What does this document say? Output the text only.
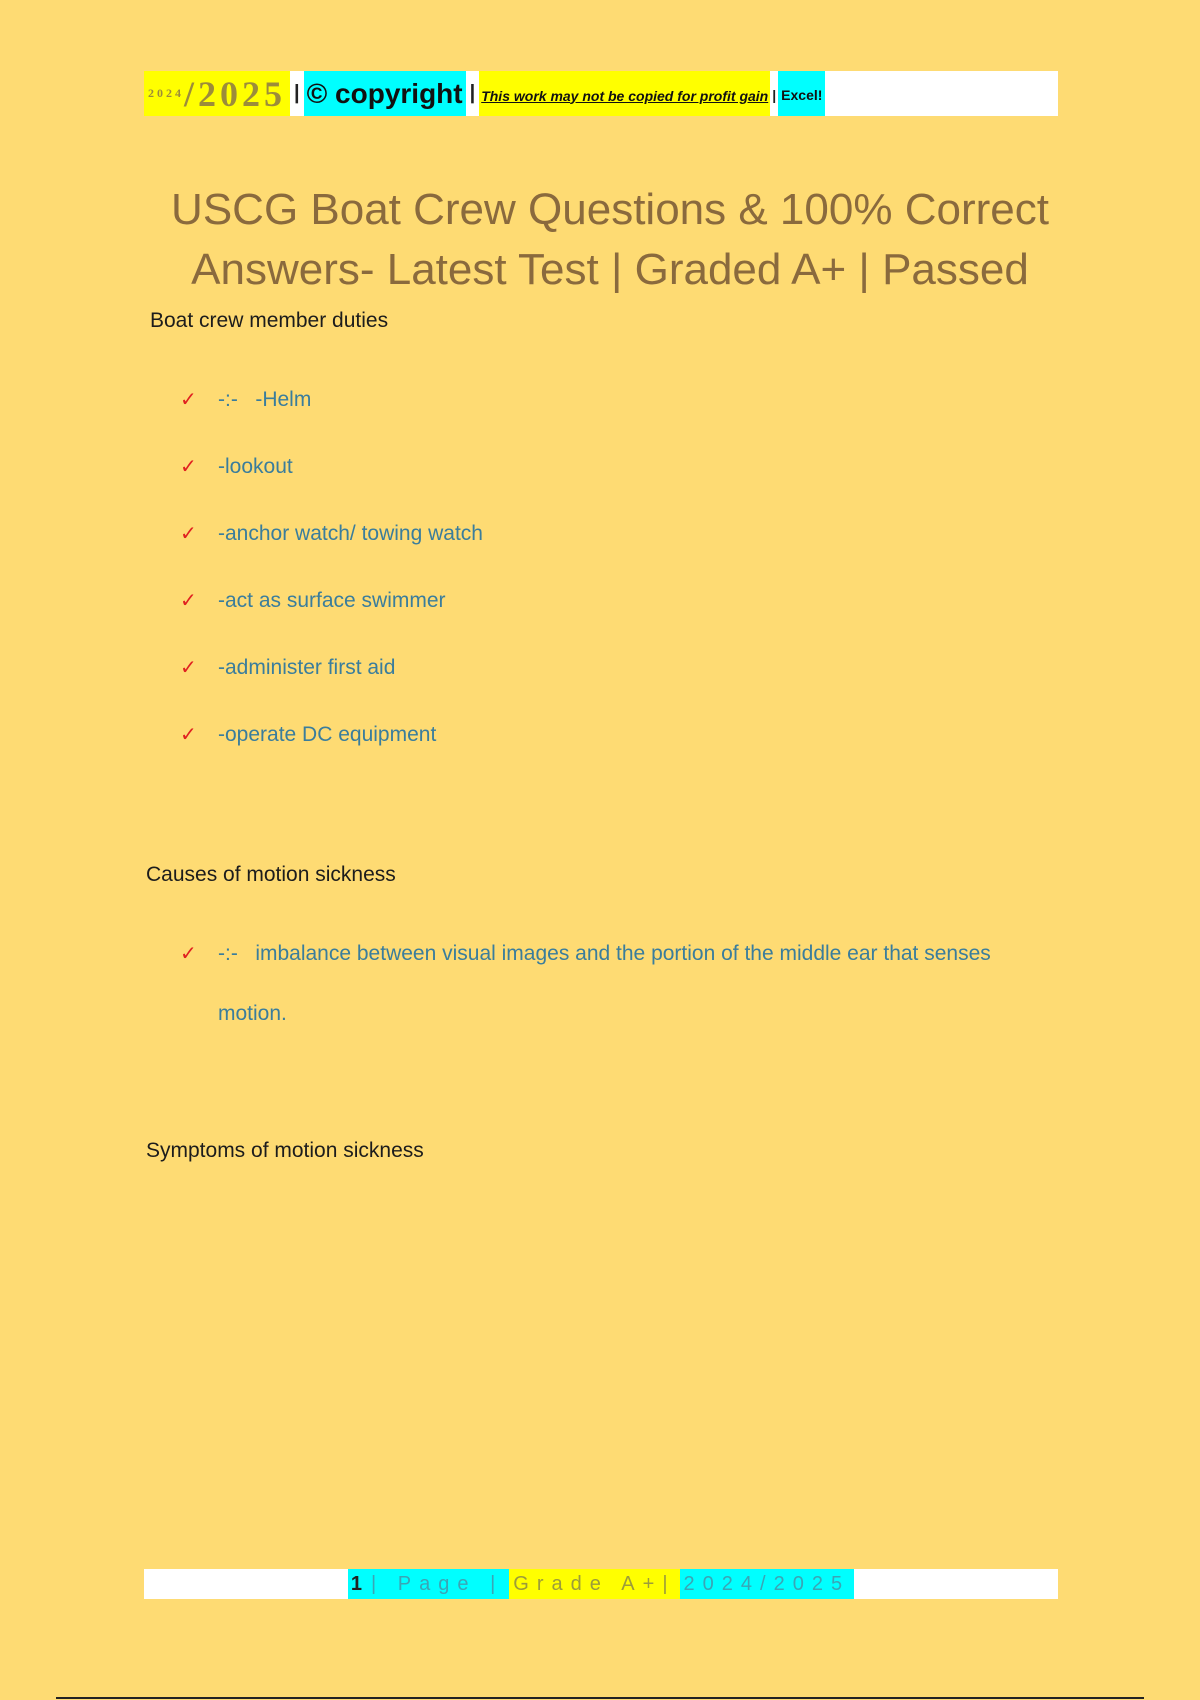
2024 /2025 | © copyright | This work may not be copied for profit gain | Excel!
USCG Boat Crew Questions & 100% Correct
Answers- Latest Test | Graded A+ | Passed

Boat crew member duties

✓	-:-   -Helm
✓	-lookout
✓	-anchor watch/ towing watch
✓	-act as surface swimmer
✓	-administer first aid
✓	-operate DC equipment

Causes of motion sickness

✓	-:-   imbalance between visual images and the portion of the middle ear that senses motion.

Symptoms of motion sickness

1 | Page | Grade A+| 2024/2025
